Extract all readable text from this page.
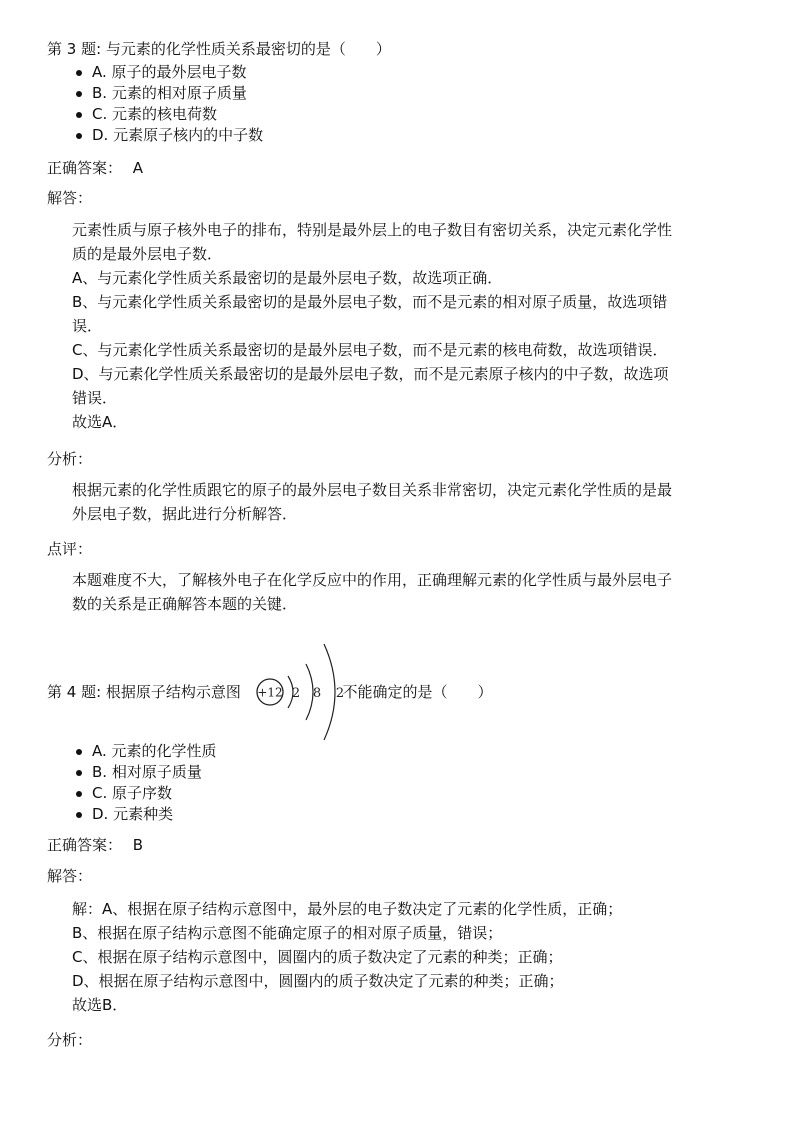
第 3 题: 与元素的化学性质关系最密切的是（　　）
A. 原子的最外层电子数
B. 元素的相对原子质量
C. 元素的核电荷数
D. 元素原子核内的中子数
正确答案： A
解答：
元素性质与原子核外电子的排布，特别是最外层上的电子数目有密切关系，决定元素化学性
质的是最外层电子数．
A、与元素化学性质关系最密切的是最外层电子数，故选项正确．
B、与元素化学性质关系最密切的是最外层电子数，而不是元素的相对原子质量，故选项错
误．
C、与元素化学性质关系最密切的是最外层电子数，而不是元素的核电荷数，故选项错误．
D、与元素化学性质关系最密切的是最外层电子数，而不是元素原子核内的中子数，故选项
错误．
故选A．
分析：
根据元素的化学性质跟它的原子的最外层电子数目关系非常密切，决定元素化学性质的是最
外层电子数，据此进行分析解答．
点评：
本题难度不大，了解核外电子在化学反应中的作用，正确理解元素的化学性质与最外层电子
数的关系是正确解答本题的关键．
第 4 题: 根据原子结构示意图	不能确定的是（　　）
+12 2 8 2
A. 元素的化学性质
B. 相对原子质量
C. 原子序数
D. 元素种类
正确答案： B
解答：
解：A、根据在原子结构示意图中，最外层的电子数决定了元素的化学性质，正确；
B、根据在原子结构示意图不能确定原子的相对原子质量，错误；
C、根据在原子结构示意图中，圆圈内的质子数决定了元素的种类；正确；
D、根据在原子结构示意图中，圆圈内的质子数决定了元素的种类；正确；
故选B．
分析：
